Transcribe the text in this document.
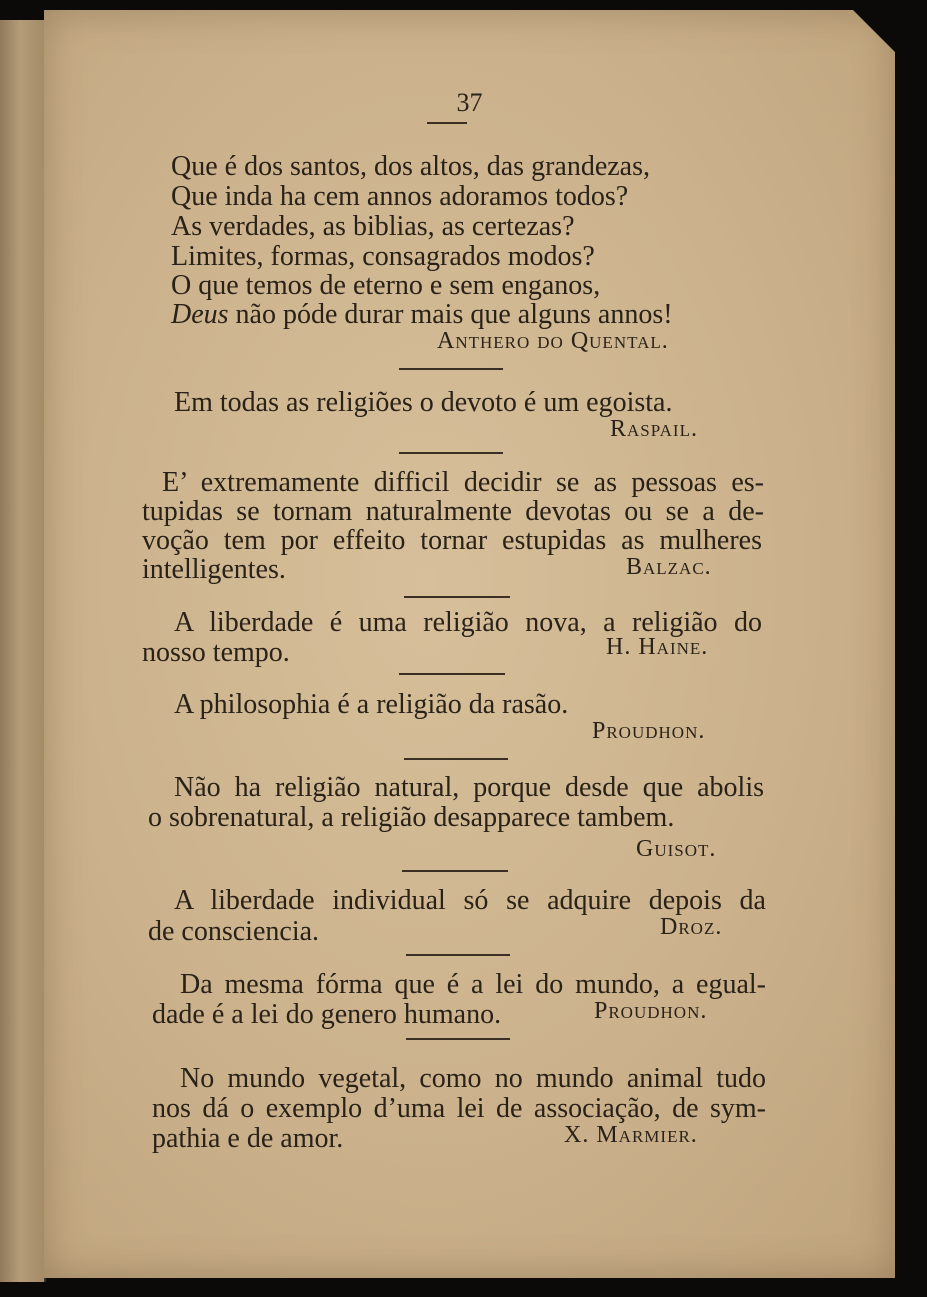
37
Que é dos santos, dos altos, das grandezas,
Que inda ha cem annos adoramos todos?
As verdades, as biblias, as certezas?
Limites, formas, consagrados modos?
O que temos de eterno e sem enganos,
Deus não póde durar mais que alguns annos!
Anthero do Quental.
Em todas as religiões o devoto é um egoista.
Raspail.
E’ extremamente difficil decidir se as pessoas es-
tupidas se tornam naturalmente devotas ou se a de-
voção tem por effeito tornar estupidas as mulheres
intelligentes.	Balzac.
A liberdade é uma religião nova, a religião do
nosso tempo.	H. Haine.
A philosophia é a religião da rasão.
Proudhon.
Não ha religião natural, porque desde que abolis
o sobrenatural, a religião desapparece tambem.
Guisot.
A liberdade individual só se adquire depois da
de consciencia.	Droz.
Da mesma fórma que é a lei do mundo, a egual-
dade é a lei do genero humano.	Proudhon.
No mundo vegetal, como no mundo animal tudo
nos dá o exemplo d’uma lei de associação, de sym-
pathia e de amor.	X. Marmier.
